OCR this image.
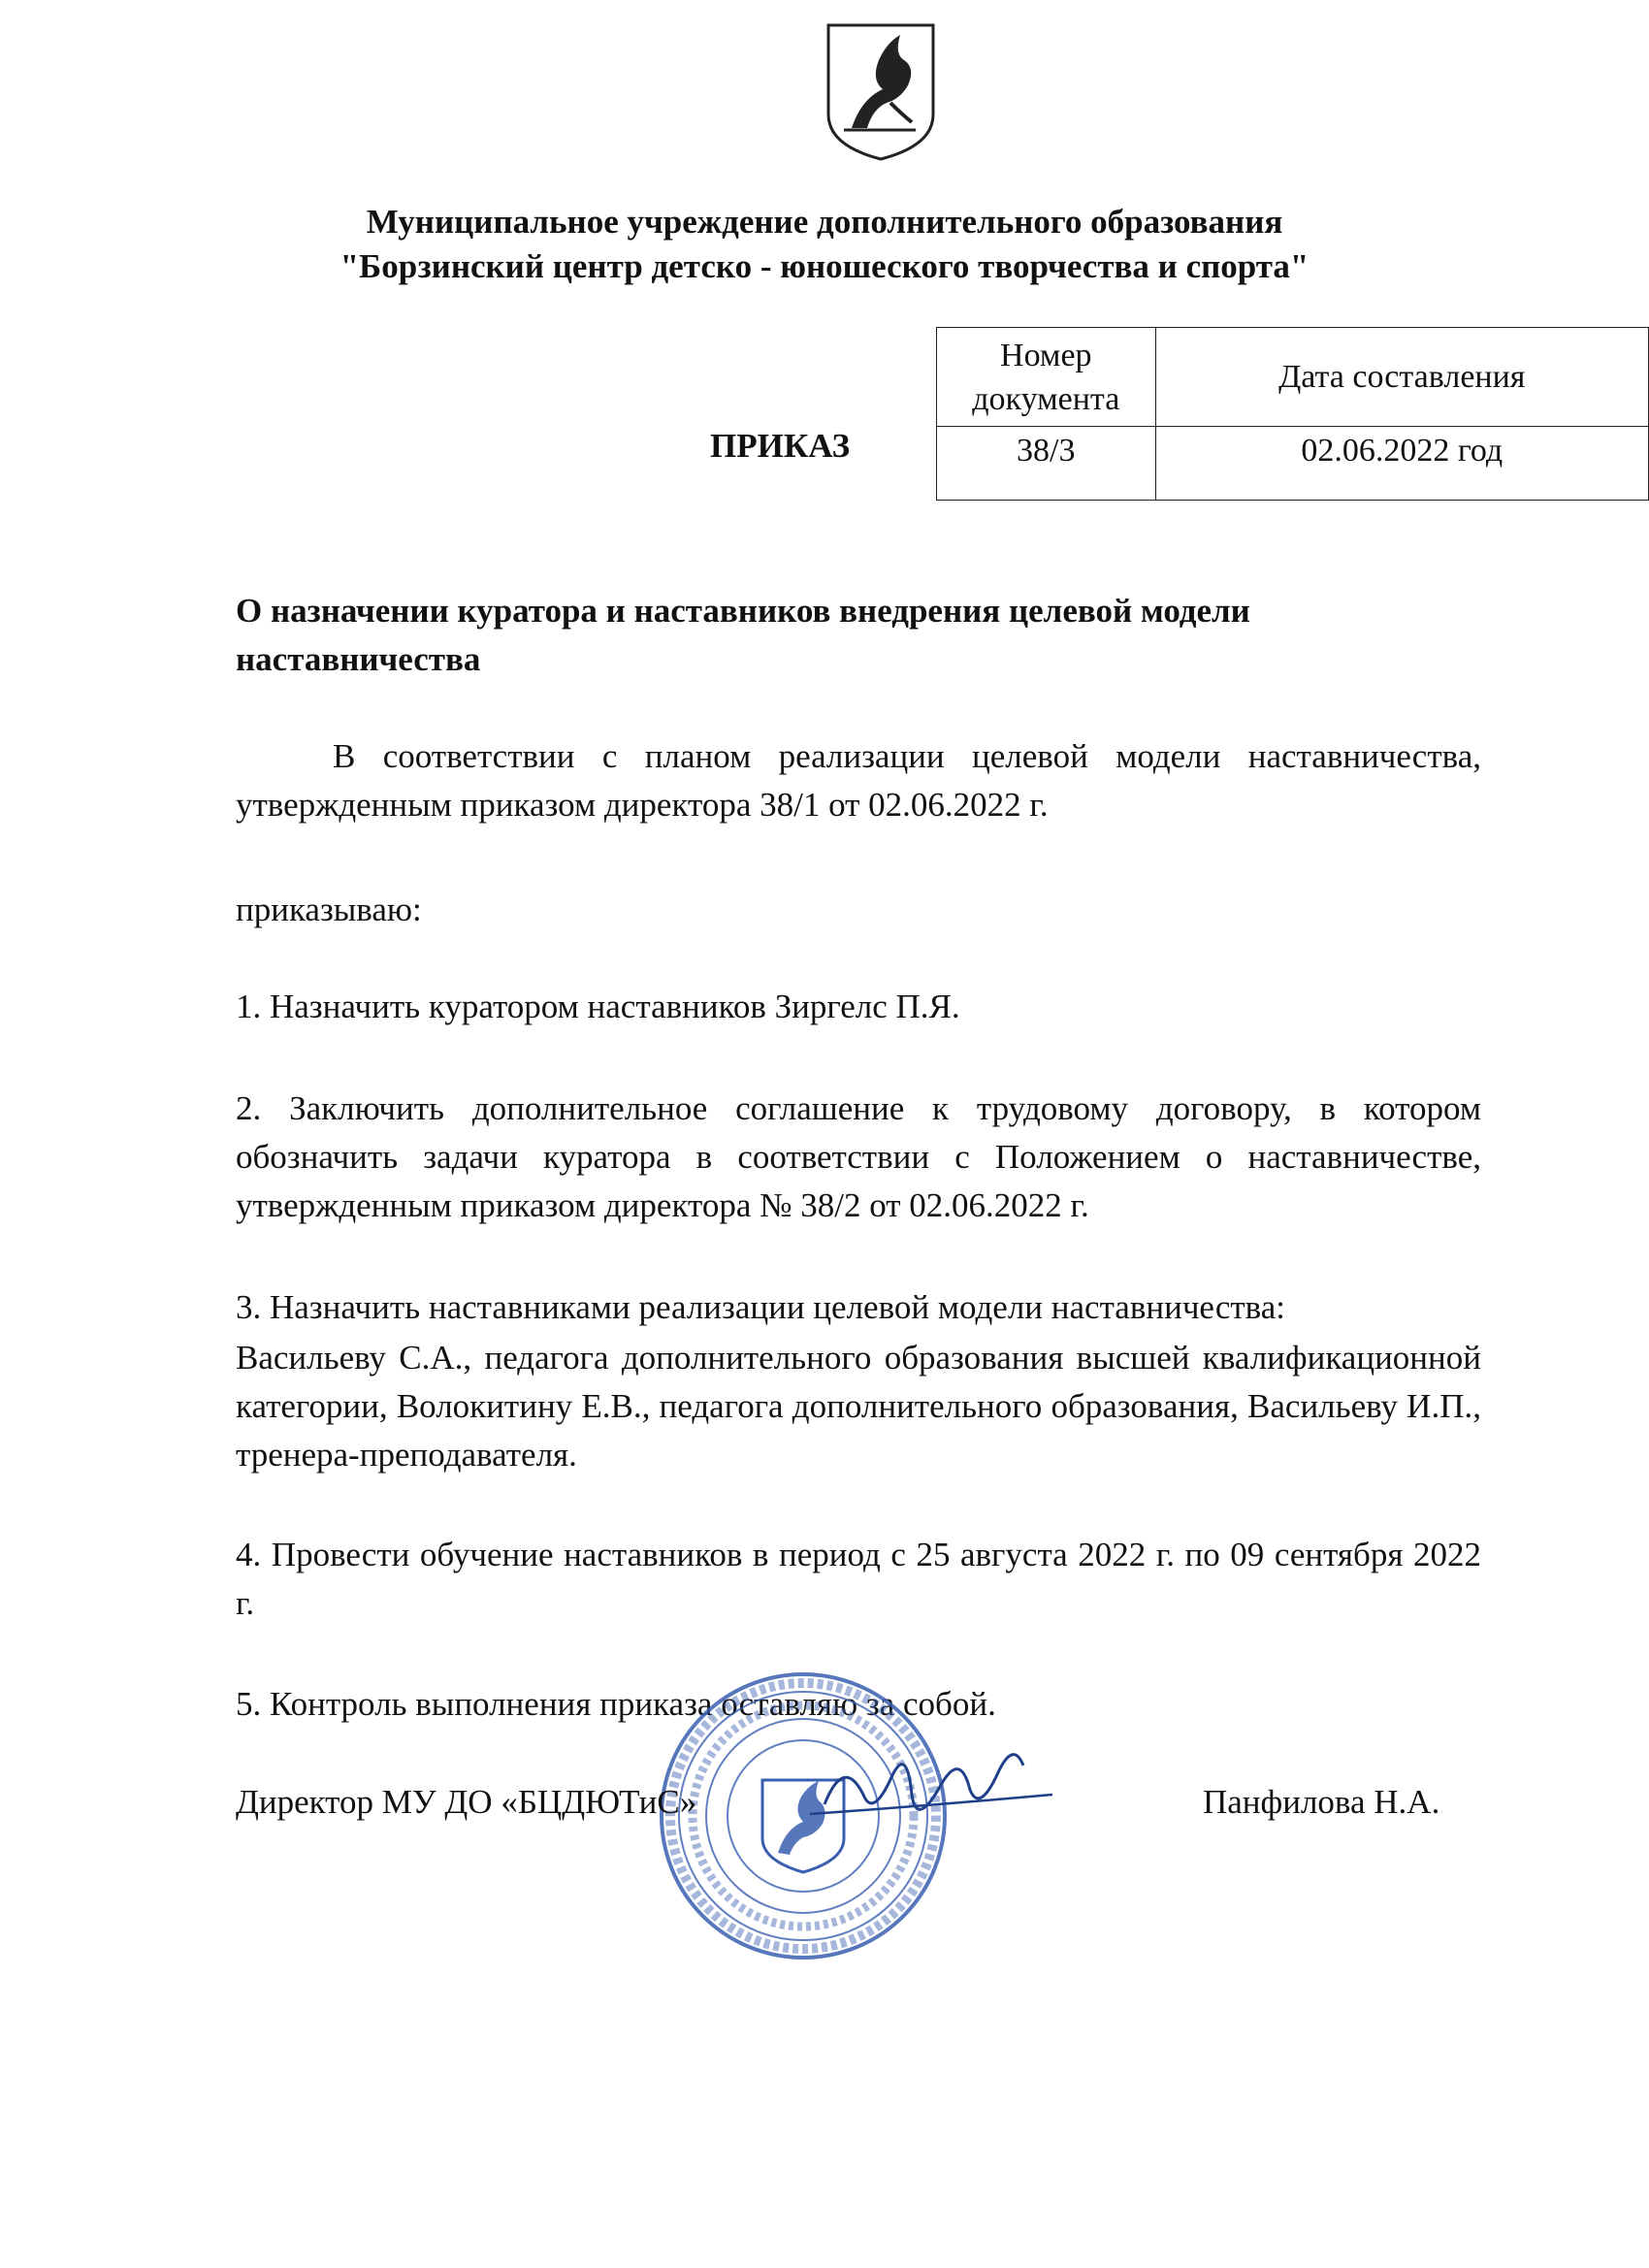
Муниципальное учреждение дополнительного образования
"Борзинский центр детско - юношеского творчества и спорта"
ПРИКАЗ
Номер документа	Дата составления
38/3	02.06.2022 год
О назначении куратора и наставников внедрения целевой модели наставничества
В соответствии с планом реализации целевой модели наставничества, утвержденным приказом директора 38/1 от 02.06.2022 г.
приказываю:
1. Назначить куратором наставников Зиргелс П.Я.
2. Заключить дополнительное соглашение к трудовому договору, в котором обозначить задачи куратора в соответствии с Положением о наставничестве, утвержденным приказом директора № 38/2 от 02.06.2022 г.
3. Назначить наставниками реализации целевой модели наставничества:
Васильеву С.А., педагога дополнительного образования высшей квалификационной категории, Волокитину Е.В., педагога дополнительного образования, Васильеву И.П., тренера-преподавателя.
4. Провести обучение наставников в период с 25 августа 2022 г. по 09 сентября 2022 г.
5. Контроль выполнения приказа оставляю за собой.
Директор МУ ДО «БЦДЮТиС»	Панфилова Н.А.
